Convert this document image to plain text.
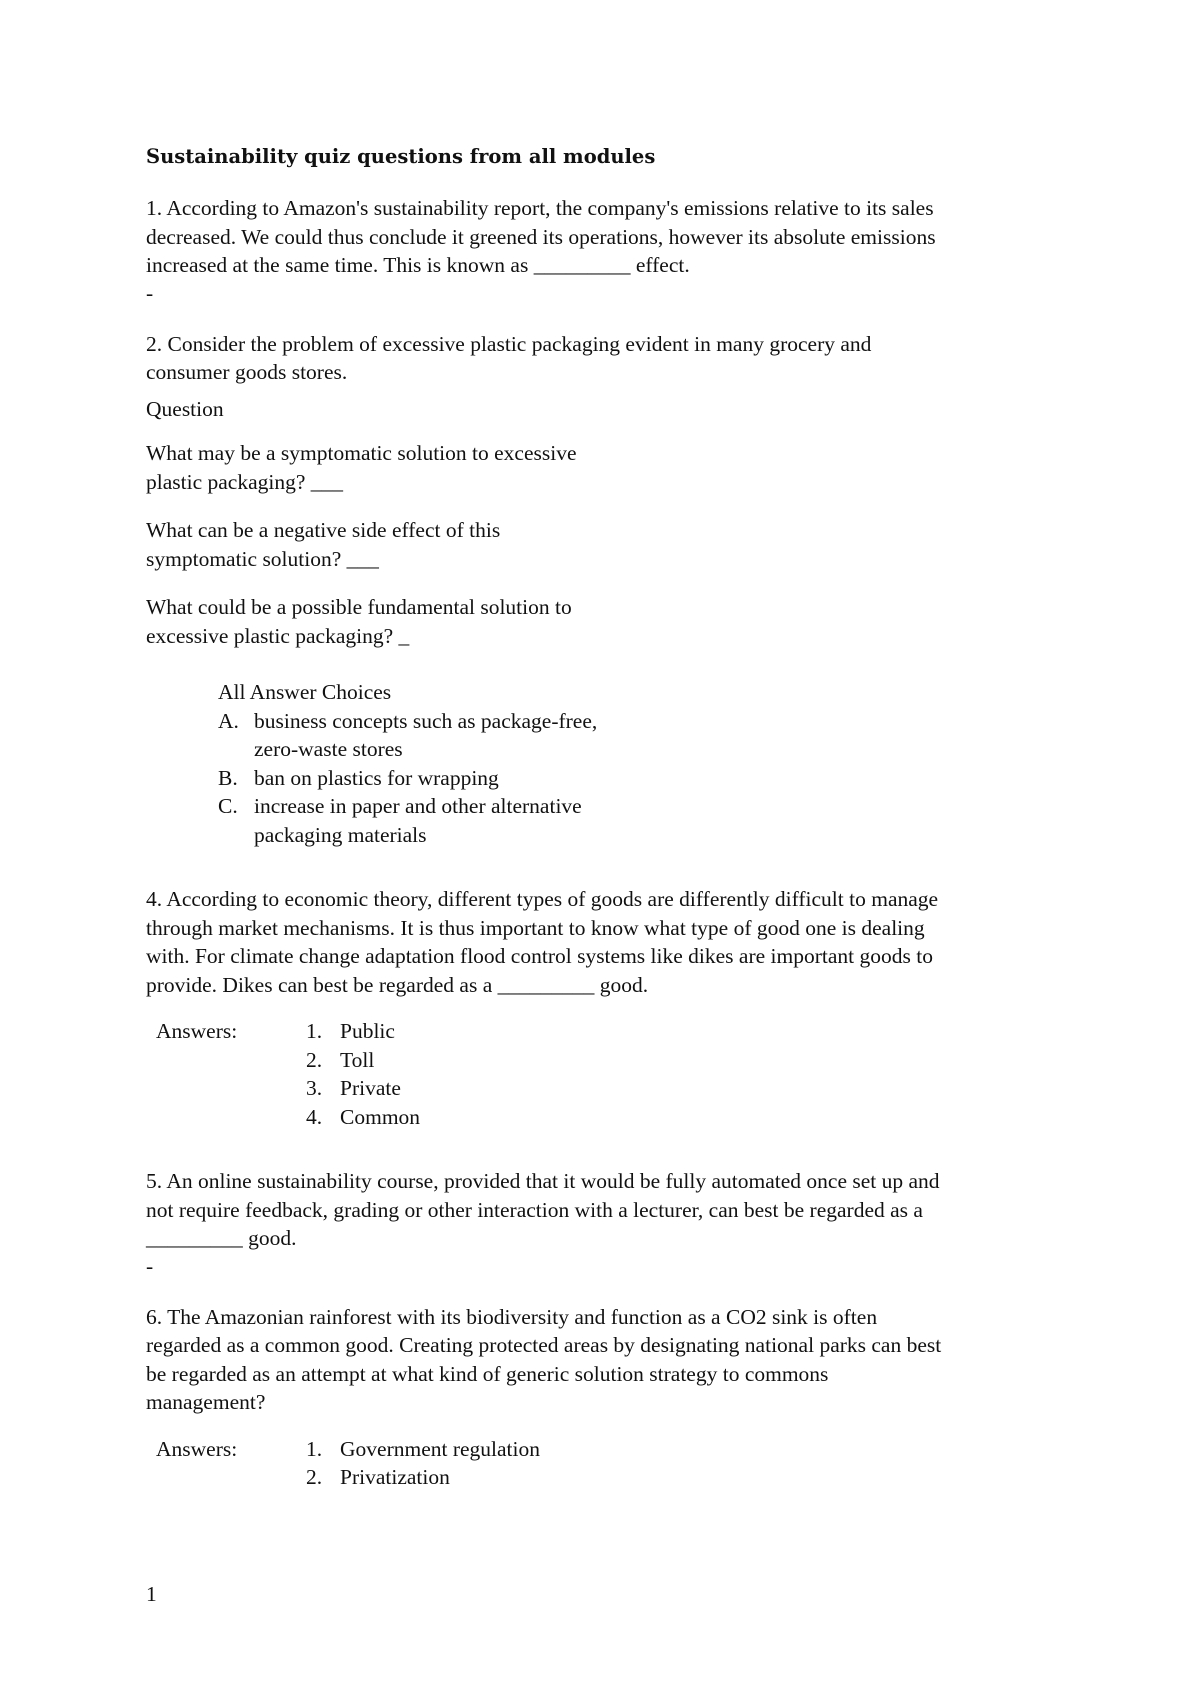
Sustainability quiz questions from all modules
1. According to Amazon's sustainability report, the company's emissions relative to its sales
decreased. We could thus conclude it greened its operations, however its absolute emissions
increased at the same time. This is known as _________ effect.
-
2. Consider the problem of excessive plastic packaging evident in many grocery and
consumer goods stores.
Question
What may be a symptomatic solution to excessive
plastic packaging? ___
What can be a negative side effect of this
symptomatic solution? ___
What could be a possible fundamental solution to
excessive plastic packaging? _
All Answer Choices
A. business concepts such as package-free,
zero-waste stores
B. ban on plastics for wrapping
C. increase in paper and other alternative
packaging materials
4. According to economic theory, different types of goods are differently difficult to manage
through market mechanisms. It is thus important to know what type of good one is dealing
with. For climate change adaptation flood control systems like dikes are important goods to
provide. Dikes can best be regarded as a _________ good.
Answers:	1. Public
2. Toll
3. Private
4. Common
5. An online sustainability course, provided that it would be fully automated once set up and
not require feedback, grading or other interaction with a lecturer, can best be regarded as a
_________ good.
-
6. The Amazonian rainforest with its biodiversity and function as a CO2 sink is often
regarded as a common good. Creating protected areas by designating national parks can best
be regarded as an attempt at what kind of generic solution strategy to commons
management?
Answers:	1. Government regulation
2. Privatization
1
